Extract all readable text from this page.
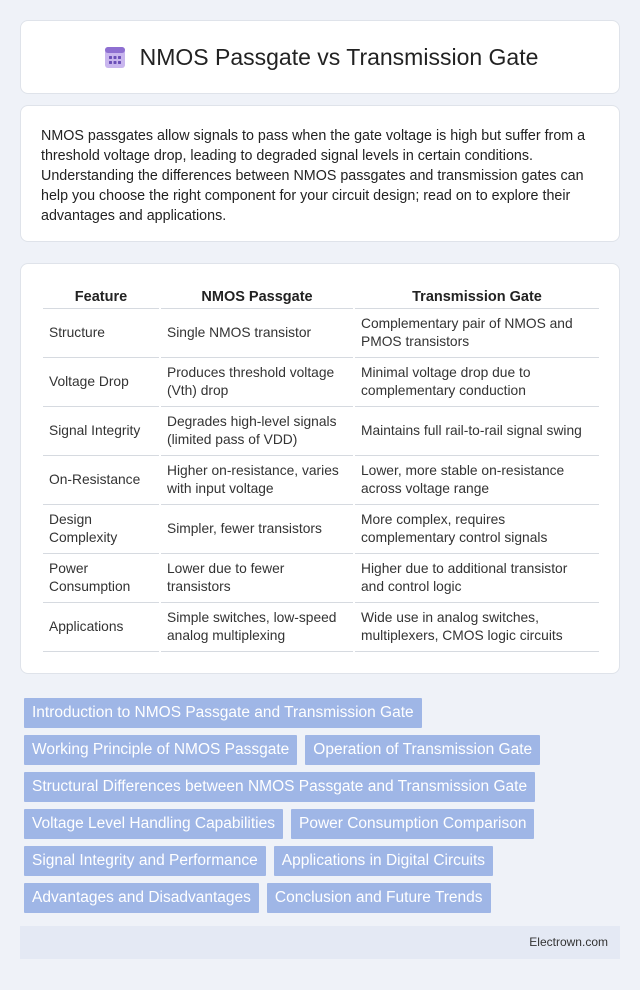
NMOS Passgate vs Transmission Gate

NMOS passgates allow signals to pass when the gate voltage is high but suffer from a threshold voltage drop, leading to degraded signal levels in certain conditions. Understanding the differences between NMOS passgates and transmission gates can help you choose the right component for your circuit design; read on to explore their advantages and applications.

Feature	NMOS Passgate	Transmission Gate
Structure	Single NMOS transistor	Complementary pair of NMOS and PMOS transistors
Voltage Drop	Produces threshold voltage (Vth) drop	Minimal voltage drop due to complementary conduction
Signal Integrity	Degrades high-level signals (limited pass of VDD)	Maintains full rail-to-rail signal swing
On-Resistance	Higher on-resistance, varies with input voltage	Lower, more stable on-resistance across voltage range
Design Complexity	Simpler, fewer transistors	More complex, requires complementary control signals
Power Consumption	Lower due to fewer transistors	Higher due to additional transistor and control logic
Applications	Simple switches, low-speed analog multiplexing	Wide use in analog switches, multiplexers, CMOS logic circuits
Introduction to NMOS Passgate and Transmission Gate
Working Principle of NMOS Passgate	Operation of Transmission Gate
Structural Differences between NMOS Passgate and Transmission Gate
Voltage Level Handling Capabilities	Power Consumption Comparison
Signal Integrity and Performance	Applications in Digital Circuits
Advantages and Disadvantages	Conclusion and Future Trends
Electrown.com
